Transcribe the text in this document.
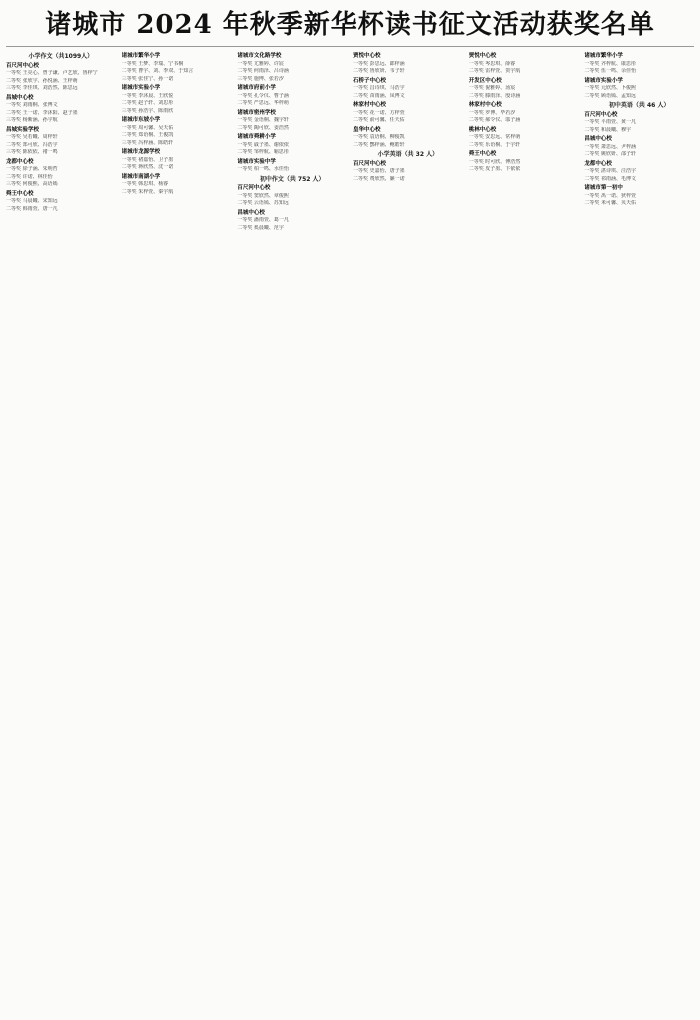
诸城市 2024 年秋季新华杯读书征文活动获奖名单
小学作文（共1099人）
百尺河中心校
一等奖 王亮心、曾子谦、卢艺欣、鲁梓宁
二等奖 张欣宇、孙悦涵、王梓萌
三等奖 李佳琪、刘浩然、陈思远
昌城中心校
一等奖 刘雨桐、张博文
二等奖 王一诺、李沐阳、赵子墨
三等奖 杨紫涵、孙宇航
昌城实验学校
一等奖 吴若曦、周梓轩
二等奖 郑可欣、冯浩宇
三等奖 陈依依、褚一鸣
龙都中心校
一等奖 徐子涵、朱明哲
二等奖 许诺、林佳怡
三等奖 何俊熙、高语嫣
舜王中心校
一等奖 马晨曦、宋知远
二等奖 韩雨萱、唐一凡
诸城市繁华小学
一等奖 王梦、李瑞、宁书桐
二等奖 曹宇、刘、季双、于知言
三等奖 张佳宁、孙一诺
诸城市实验小学
一等奖 李沐晨、王欣悦
二等奖 赵子轩、刘思彤
三等奖 孙浩宇、陈雨欣
诸城市东坡小学
一等奖 周可馨、吴天佑
二等奖 郑语桐、王俊凯
三等奖 冯梓涵、陈皓轩
诸城市龙源学校
一等奖 褚嘉怡、卫子墨
二等奖 蒋欣然、沈一诺
诸城市南湖小学
一等奖 韩思琪、杨睿
二等奖 朱梓萱、秦宇航
诸城市文化路学校
一等奖 尤雅婷、许宸
二等奖 何雨泽、吕诗涵
三等奖 施博、张若汐
诸城市府前小学
一等奖 孔令仪、曹子涵
二等奖 严思远、华梓萌
诸城市密州学校
一等奖 金语桐、魏宇轩
二等奖 陶可欣、姜浩然
诸城市舜耕小学
一等奖 戚子墨、谢依依
二等奖 邹梓航、喻思彤
诸城市实验中学
一等奖 柏一鸣、水佳怡
初中作文（共 752 人）
百尺河中心校
一等奖 窦欣然、章俊熙
二等奖 云语嫣、苏知远
昌城中心校
一等奖 潘雨萱、葛一凡
二等奖 奚晨曦、范宇
贾悦中心校
一等奖 彭思远、郎梓涵
二等奖 鲁欣妍、韦子轩
石桥子中心校
一等奖 昌诗琪、马浩宇
二等奖 苗雨涵、凤博文
林家村中心校
一等奖 花一诺、方梓萱
二等奖 俞可馨、任天佑
皇华中心校
一等奖 袁语桐、柳俊凯
二等奖 酆梓涵、鲍皓轩
小学英语（共 32 人）
百尺河中心校
一等奖 史嘉怡、唐子墨
二等奖 费欣然、廉一诺
贾悦中心校
一等奖 岑思琪、薛睿
二等奖 雷梓萱、贺宇航
开发区中心校
一等奖 倪雅婷、汤宸
二等奖 滕雨泽、殷诗涵
林家村中心校
一等奖 罗博、毕若汐
二等奖 郝令仪、邬子涵
桃林中心校
一等奖 安思远、常梓萌
二等奖 乐语桐、于宇轩
舜王中心校
一等奖 时可欣、傅浩然
二等奖 皮子墨、卞依依
诸城市繁华小学
一等奖 齐梓航、康思彤
二等奖 伍一鸣、余佳怡
诸城市实验小学
一等奖 元欣然、卜俊熙
二等奖 顾语嫣、孟知远
初中英语（共 46 人）
百尺河中心校
一等奖 平雨萱、黄一凡
二等奖 和晨曦、穆宇
昌城中心校
一等奖 萧思远、尹梓涵
二等奖 姚欣妍、邵子轩
龙都中心校
一等奖 湛诗琪、汪浩宇
二等奖 祁雨涵、毛博文
诸城市第一初中
一等奖 禹一诺、狄梓萱
二等奖 米可馨、贝天佑
